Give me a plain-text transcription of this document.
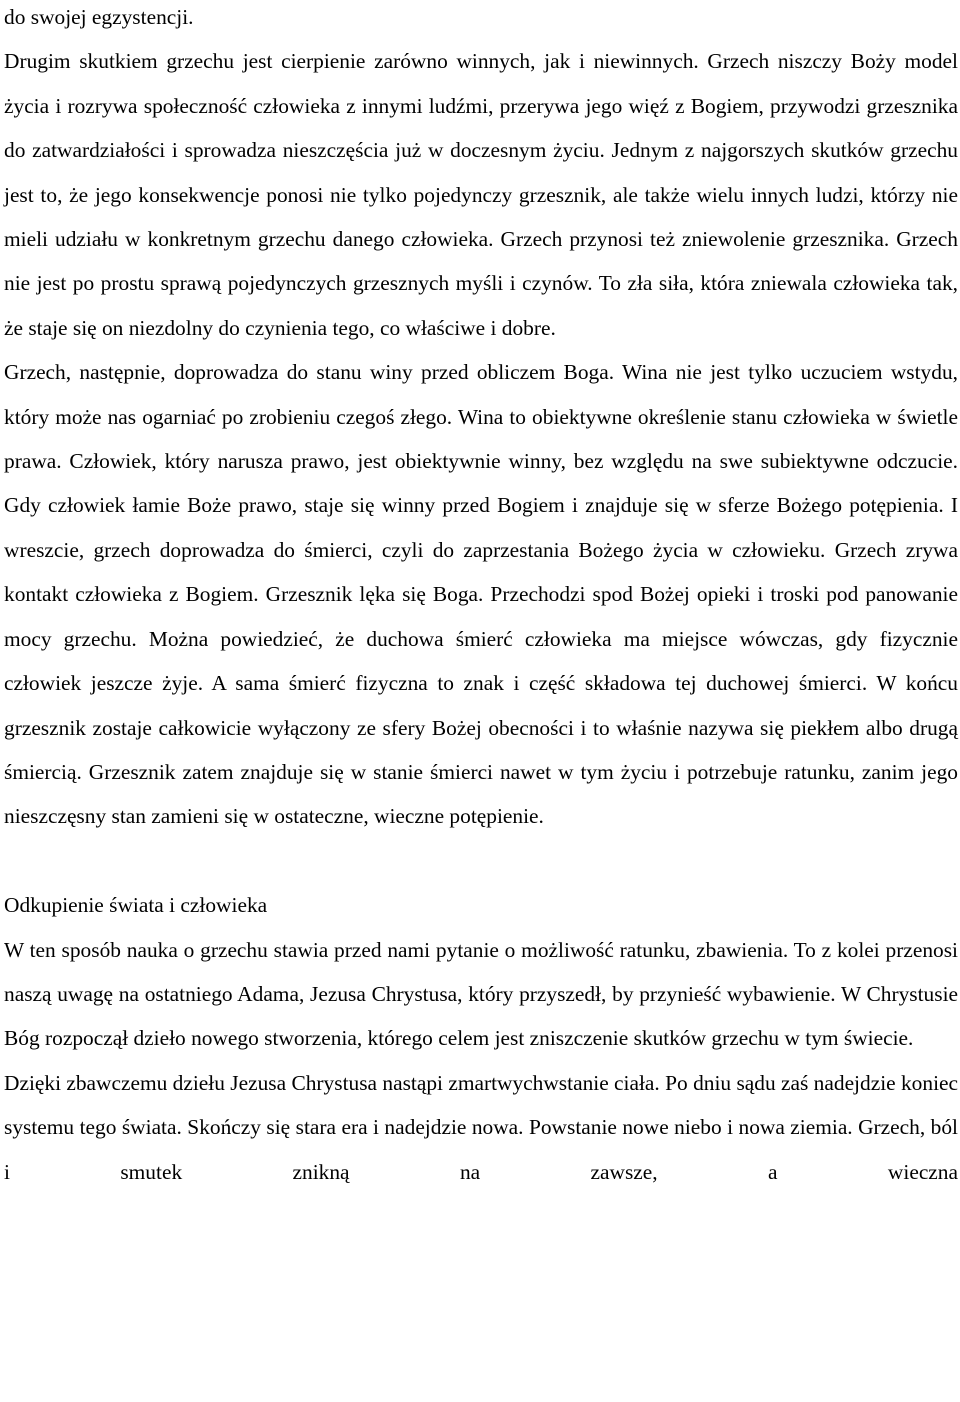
do swojej egzystencji.

Drugim skutkiem grzechu jest cierpienie zarówno winnych, jak i niewinnych. Grzech niszczy Boży model życia i rozrywa społeczność człowieka z innymi ludźmi, przerywa jego więź z Bogiem, przywodzi grzesznika do zatwardziałości i sprowadza nieszczęścia już w doczesnym życiu. Jednym z najgorszych skutków grzechu jest to, że jego konsekwencje ponosi nie tylko pojedynczy grzesznik, ale także wielu innych ludzi, którzy nie mieli udziału w konkretnym grzechu danego człowieka. Grzech przynosi też zniewolenie grzesznika. Grzech nie jest po prostu sprawą pojedynczych grzesznych myśli i czynów. To zła siła, która zniewala człowieka tak, że staje się on niezdolny do czynienia tego, co właściwe i dobre.

Grzech, następnie, doprowadza do stanu winy przed obliczem Boga. Wina nie jest tylko uczuciem wstydu, który może nas ogarniać po zrobieniu czegoś złego. Wina to obiektywne określenie stanu człowieka w świetle prawa. Człowiek, który narusza prawo, jest obiektywnie winny, bez względu na swe subiektywne odczucie. Gdy człowiek łamie Boże prawo, staje się winny przed Bogiem i znajduje się w sferze Bożego potępienia. I wreszcie, grzech doprowadza do śmierci, czyli do zaprzestania Bożego życia w człowieku. Grzech zrywa kontakt człowieka z Bogiem. Grzesznik lęka się Boga. Przechodzi spod Bożej opieki i troski pod panowanie mocy grzechu. Można powiedzieć, że duchowa śmierć człowieka ma miejsce wówczas, gdy fizycznie człowiek jeszcze żyje. A sama śmierć fizyczna to znak i część składowa tej duchowej śmierci. W końcu grzesznik zostaje całkowicie wyłączony ze sfery Bożej obecności i to właśnie nazywa się piekłem albo drugą śmiercią. Grzesznik zatem znajduje się w stanie śmierci nawet w tym życiu i potrzebuje ratunku, zanim jego nieszczęsny stan zamieni się w ostateczne, wieczne potępienie.

Odkupienie świata i człowieka

W ten sposób nauka o grzechu stawia przed nami pytanie o możliwość ratunku, zbawienia. To z kolei przenosi naszą uwagę na ostatniego Adama, Jezusa Chrystusa, który przyszedł, by przynieść wybawienie. W Chrystusie Bóg rozpoczął dzieło nowego stworzenia, którego celem jest zniszczenie skutków grzechu w tym świecie.

Dzięki zbawczemu dziełu Jezusa Chrystusa nastąpi zmartwychwstanie ciała. Po dniu sądu zaś nadejdzie koniec systemu tego świata. Skończy się stara era i nadejdzie nowa. Powstanie nowe niebo i nowa ziemia. Grzech, ból i smutek znikną na zawsze, a wieczna
